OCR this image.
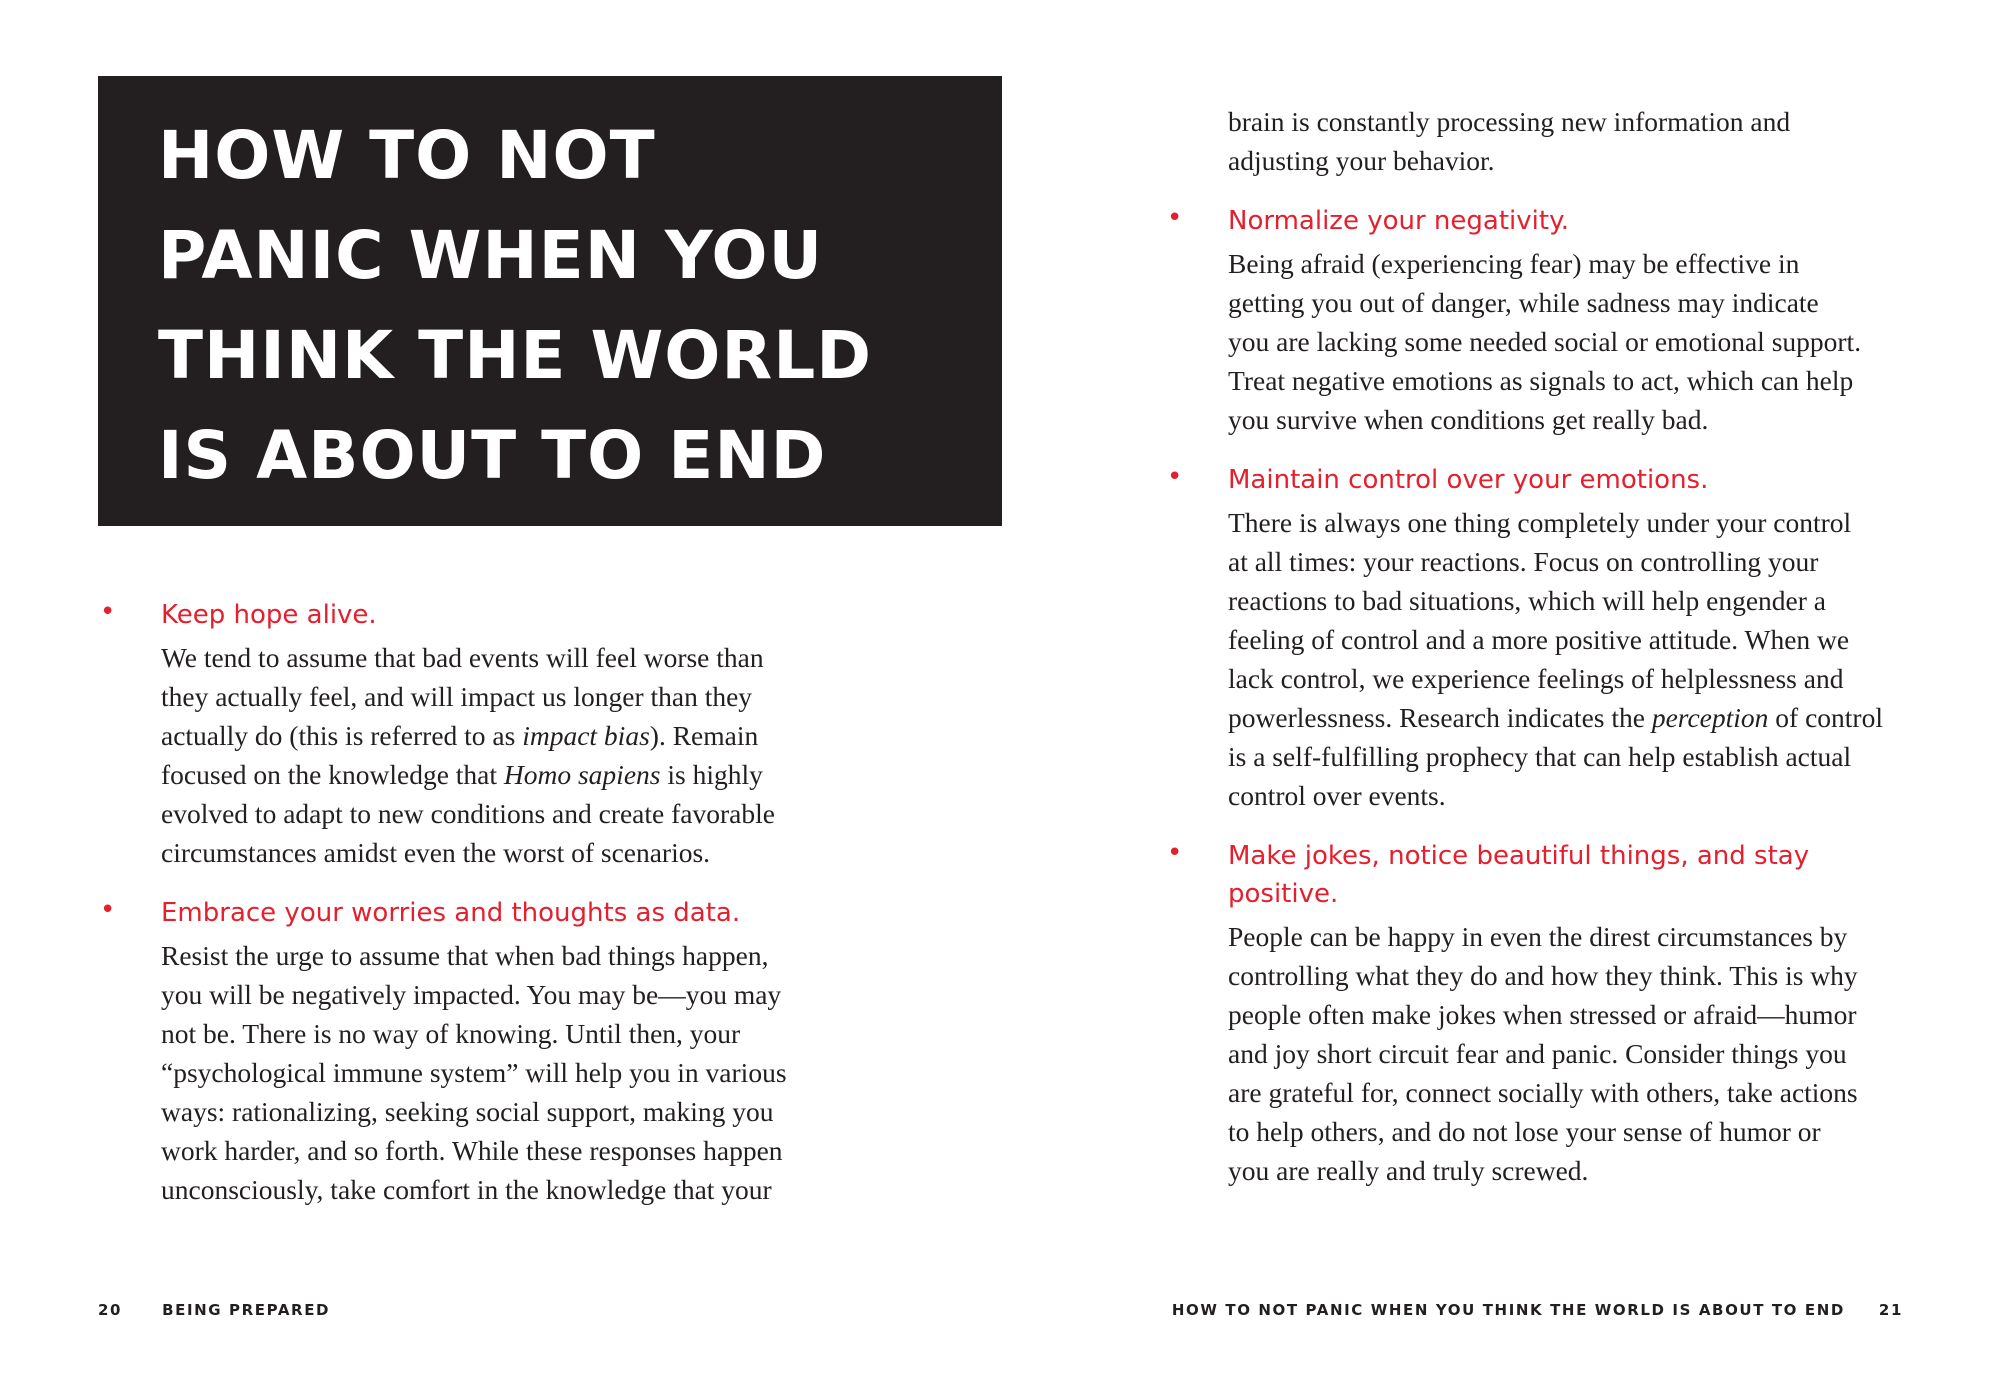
HOW TO NOT
PANIC WHEN YOU
THINK THE WORLD
IS ABOUT TO END
• Keep hope alive.

We tend to assume that bad events will feel worse than
they actually feel, and will impact us longer than they
actually do (this is referred to as impact bias). Remain
focused on the knowledge that Homo sapiens is highly
evolved to adapt to new conditions and create favorable
circumstances amidst even the worst of scenarios.

• Embrace your worries and thoughts as data.

Resist the urge to assume that when bad things happen,
you will be negatively impacted. You may be—you may
not be. There is no way of knowing. Until then, your
“psychological immune system” will help you in various
ways: rationalizing, seeking social support, making you
work harder, and so forth. While these responses happen
unconsciously, take comfort in the knowledge that your

brain is constantly processing new information and
adjusting your behavior.

• Normalize your negativity.

Being afraid (experiencing fear) may be effective in
getting you out of danger, while sadness may indicate
you are lacking some needed social or emotional support.
Treat negative emotions as signals to act, which can help
you survive when conditions get really bad.

• Maintain control over your emotions.

There is always one thing completely under your control
at all times: your reactions. Focus on controlling your
reactions to bad situations, which will help engender a
feeling of control and a more positive attitude. When we
lack control, we experience feelings of helplessness and
powerlessness. Research indicates the perception of control
is a self-fulfilling prophecy that can help establish actual
control over events.

• Make jokes, notice beautiful things, and stay
positive.

People can be happy in even the direst circumstances by
controlling what they do and how they think. This is why
people often make jokes when stressed or afraid—humor
and joy short circuit fear and panic. Consider things you
are grateful for, connect socially with others, take actions
to help others, and do not lose your sense of humor or
you are really and truly screwed.

20	BEING PREPARED	HOW TO NOT PANIC WHEN YOU THINK THE WORLD IS ABOUT TO END 21
